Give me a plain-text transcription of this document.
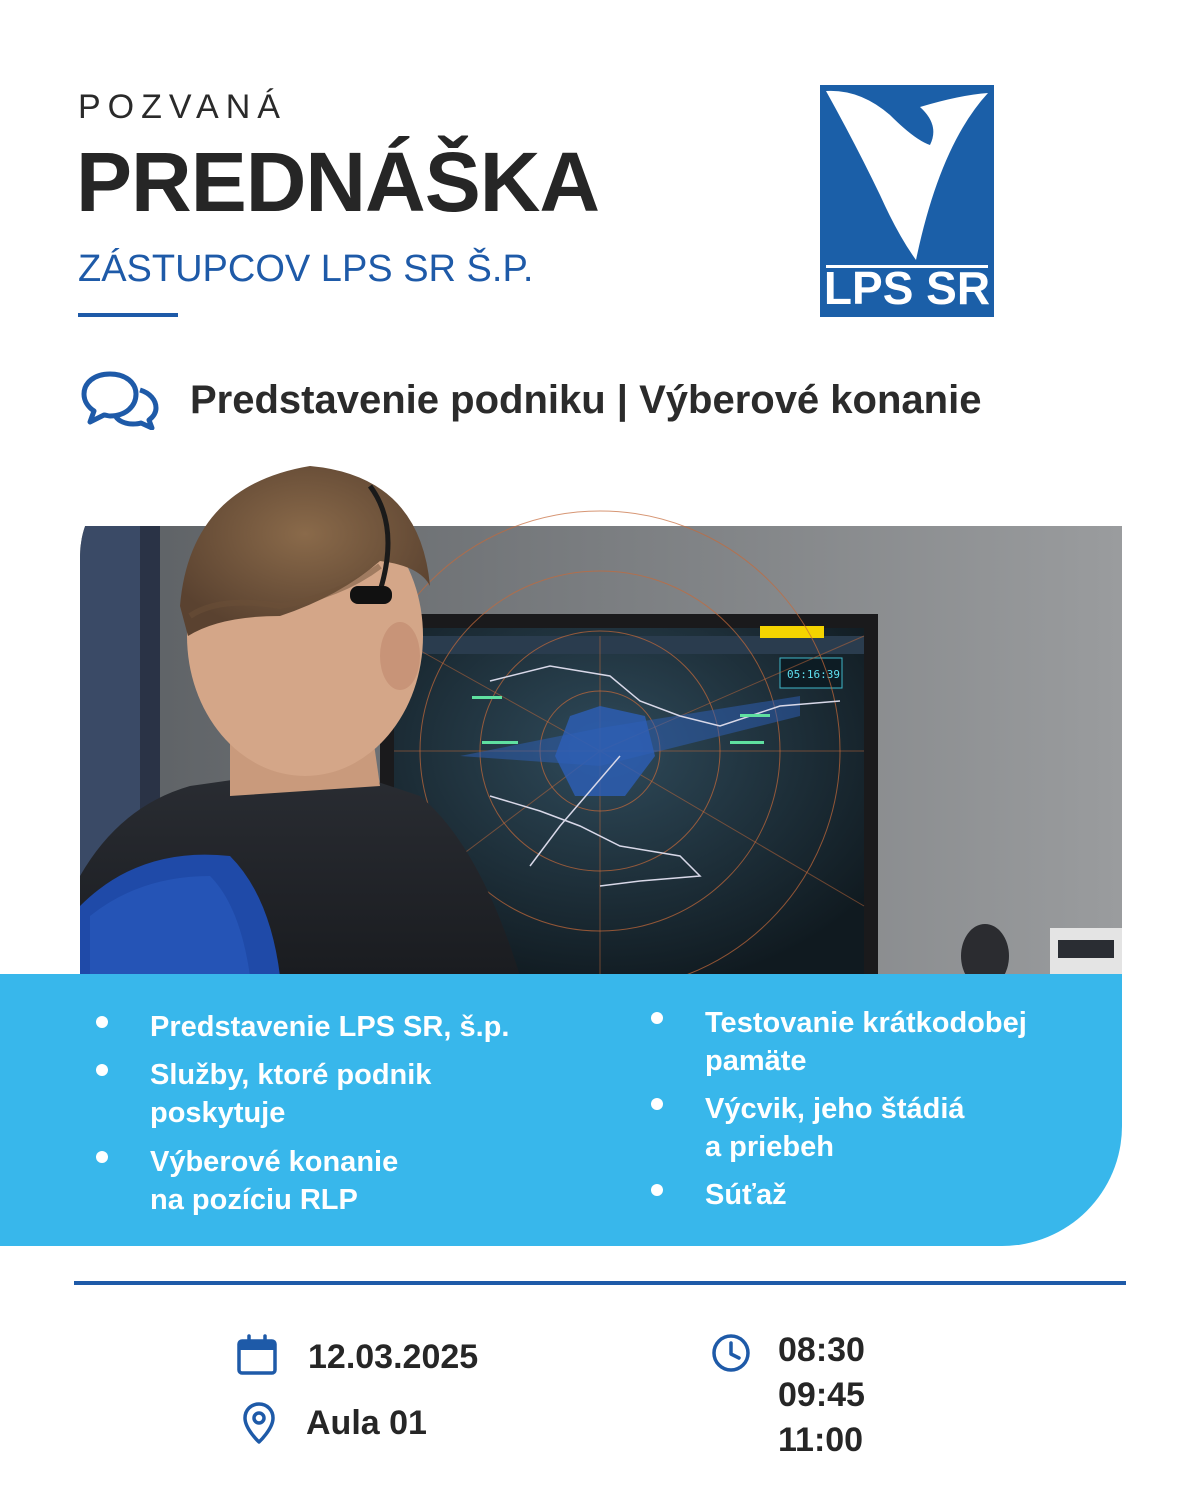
POZVANÁ
PREDNÁŠKA
ZÁSTUPCOV LPS SR Š.P.	LPS SR
Predstavenie podniku | Výberové konanie
05:16:39
Predstavenie LPS SR, š.p.
Služby, ktoré podnik
poskytuje
Výberové konanie
na pozíciu RLP
Testovanie krátkodobej
pamäte
Výcvik, jeho štádiá
a priebeh
Súťaž
12.03.2025
Aula 01
08:30
09:45
11:00
